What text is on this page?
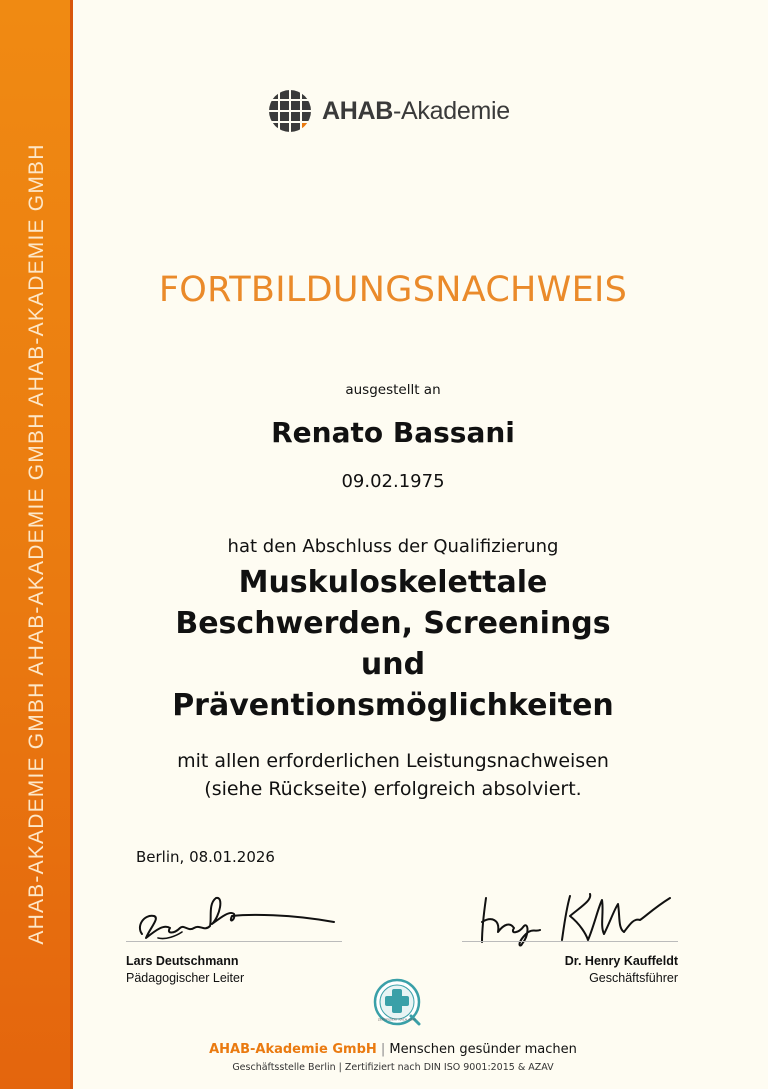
AHAB-AKADEMIE GMBH AHAB-AKADEMIE GMBH AHAB-AKADEMIE GMBH
AHAB-Akademie
FORTBILDUNGSNACHWEIS
ausgestellt an
Renato Bassani
09.02.1975
hat den Abschluss der Qualifizierung
Muskuloskelettale
Beschwerden, Screenings
und
Präventionsmöglichkeiten
mit allen erforderlichen Leistungsnachweisen
(siehe Rückseite) erfolgreich absolviert.
Berlin, 08.01.2026
Lars Deutschmann
Pädagogischer Leiter
Dr. Henry Kauffeldt
Geschäftsführer
ZERTIFIZIERT NACH AZAV
AHAB-Akademie GmbH | Menschen gesünder machen
Geschäftsstelle Berlin | Zertifiziert nach DIN ISO 9001:2015 & AZAV
